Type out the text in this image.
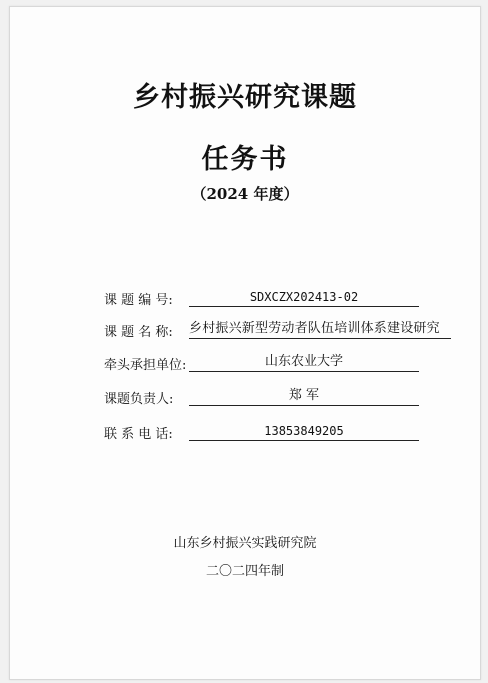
乡村振兴研究课题
任务书
（2024 年度）
课 题 编 号:	SDXCZX202413-02
课 题 名 称: 乡村振兴新型劳动者队伍培训体系建设研究
牵头承担单位:	山东农业大学
课题负责人:	郑 军
联 系 电 话:	13853849205
山东乡村振兴实践研究院
二〇二四年制
